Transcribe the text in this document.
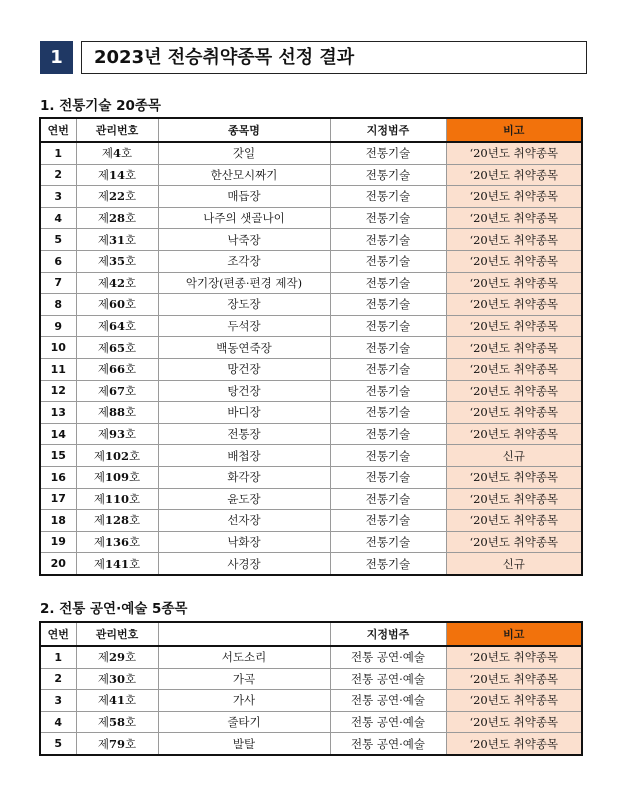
1	2023년 전승취약종목 선정 결과
1. 전통기술 20종목
연번	관리번호	종목명	지정범주	비고
1	제4호	갓일	전통기술	‘20년도 취약종목
2	제14호	한산모시짜기	전통기술	‘20년도 취약종목
3	제22호	매듭장	전통기술	‘20년도 취약종목
4	제28호	나주의 샛골나이	전통기술	‘20년도 취약종목
5	제31호	낙죽장	전통기술	‘20년도 취약종목
6	제35호	조각장	전통기술	‘20년도 취약종목
7	제42호	악기장(편종·편경 제작)	전통기술	‘20년도 취약종목
8	제60호	장도장	전통기술	‘20년도 취약종목
9	제64호	두석장	전통기술	‘20년도 취약종목
10	제65호	백동연죽장	전통기술	‘20년도 취약종목
11	제66호	망건장	전통기술	‘20년도 취약종목
12	제67호	탕건장	전통기술	‘20년도 취약종목
13	제88호	바디장	전통기술	‘20년도 취약종목
14	제93호	전통장	전통기술	‘20년도 취약종목
15	제102호	배첩장	전통기술	신규
16	제109호	화각장	전통기술	‘20년도 취약종목
17	제110호	윤도장	전통기술	‘20년도 취약종목
18	제128호	선자장	전통기술	‘20년도 취약종목
19	제136호	낙화장	전통기술	‘20년도 취약종목
20	제141호	사경장	전통기술	신규
2. 전통 공연·예술 5종목
연번	관리번호		지정범주	비고
1	제29호	서도소리	전통 공연·예술	‘20년도 취약종목
2	제30호	가곡	전통 공연·예술	‘20년도 취약종목
3	제41호	가사	전통 공연·예술	‘20년도 취약종목
4	제58호	줄타기	전통 공연·예술	‘20년도 취약종목
5	제79호	발탈	전통 공연·예술	‘20년도 취약종목
